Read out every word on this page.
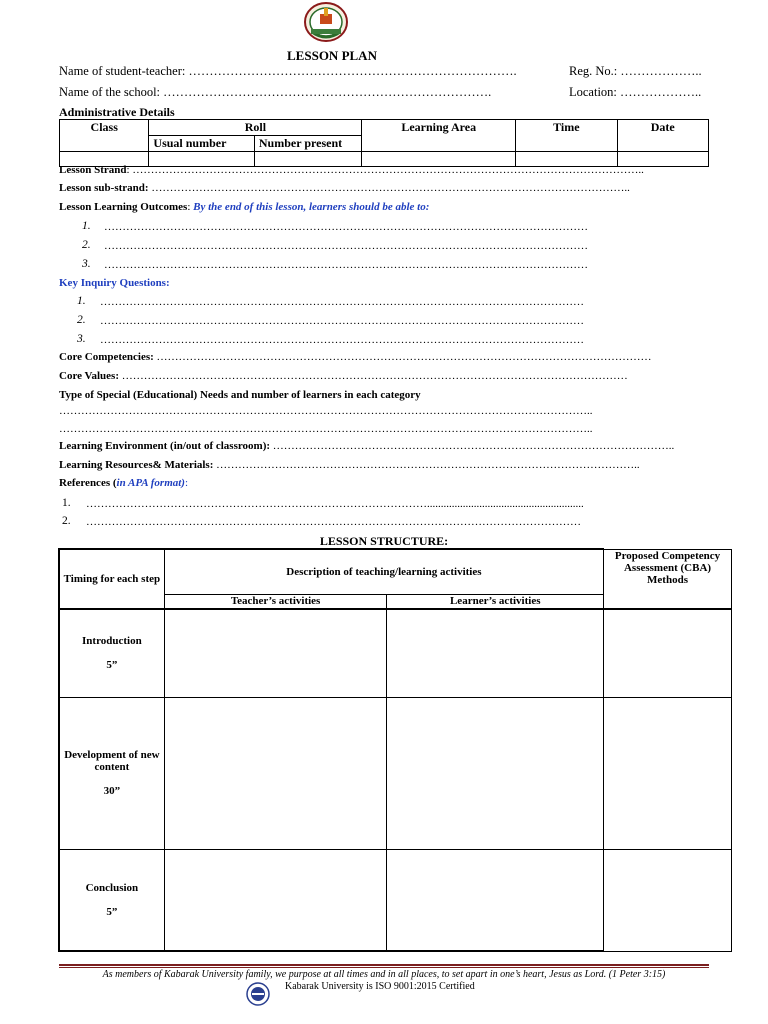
LESSON PLAN
Name of student-teacher: …………………………………………………………………….	Reg. No.: ………………..
Name of the school: …………………………………………………………………….	Location: ………………..
Administrative Details
Class	Roll		Learning Area	Time	Date
	Usual number	Number present			

Lesson Strand: …………………………………………………………………………………………………………………………..
Lesson sub-strand: …………………………………………………………………………………………………………………..
Lesson Learning Outcomes: By the end of this lesson, learners should be able to:
1. ……………………………………………………………………………………………………………………
2. ……………………………………………………………………………………………………………………
3. ……………………………………………………………………………………………………………………
Key Inquiry Questions:
1. ……………………………………………………………………………………………………………………
2. ……………………………………………………………………………………………………………………
3. ……………………………………………………………………………………………………………………
Core Competencies: ………………………………………………………………………………………………………………………
Core Values: …………………………………………………………………………………………………………………………
Type of Special (Educational) Needs and number of learners in each category
………………………………………………………………………………………………………………………………..
………………………………………………………………………………………………………………………………..
Learning Environment (in/out of classroom): ………………………………………………………………………………………………..
Learning Resources& Materials: ……………………………………………………………………………………………………..
References (in APA format):
1. ………………………………………………………………………………….........................................................
2. ………………………………………………………………………………………………………………………
LESSON STRUCTURE:
Timing for each step	Description of teaching/learning activities		Proposed Competency Assessment (CBA) Methods
	Teacher’s activities	Learner’s activities	

Introduction
5”			

Development of new content
30”			

Conclusion
5”			

As members of Kabarak University family, we purpose at all times and in all places, to set apart in one’s heart, Jesus as Lord. (1 Peter 3:15)
Kabarak University is ISO 9001:2015 Certified
